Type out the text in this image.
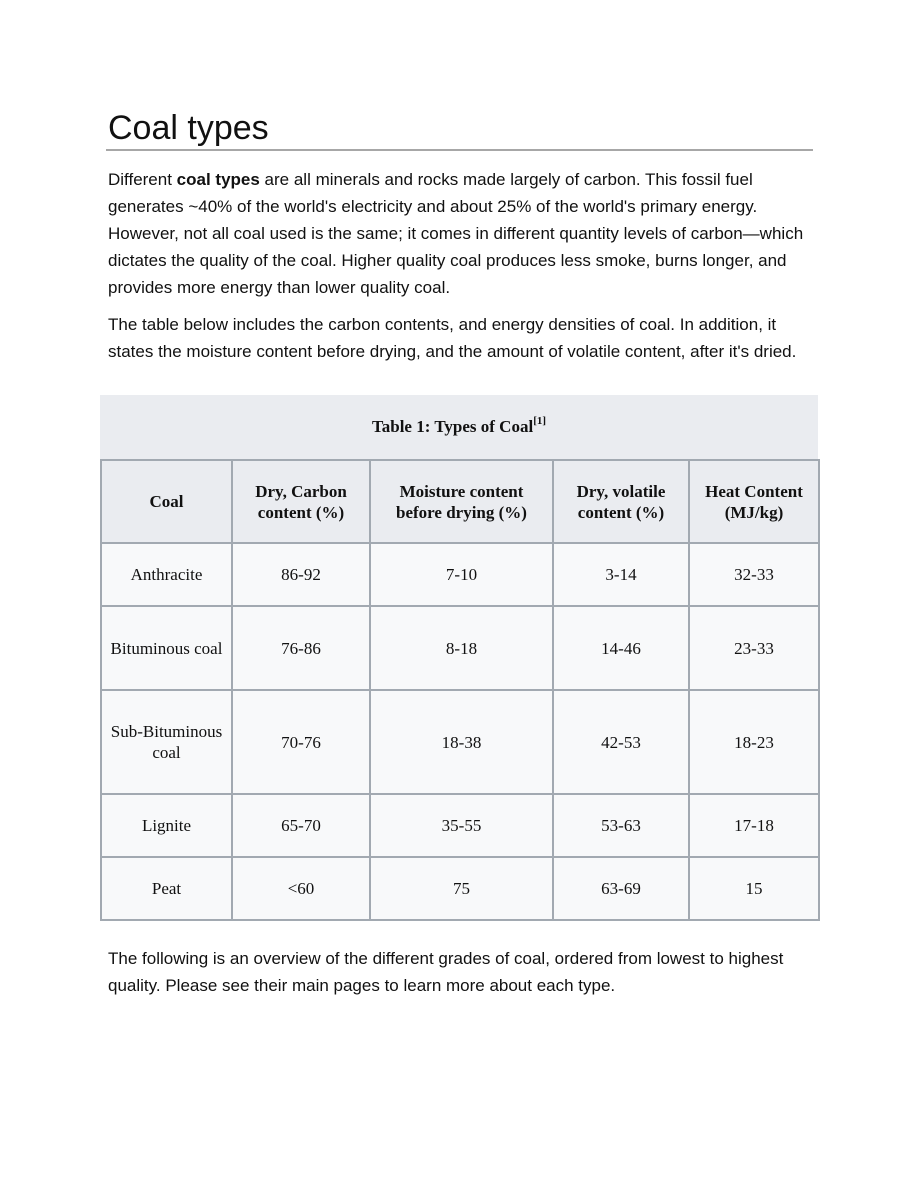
Coal types

Different coal types are all minerals and rocks made largely of carbon. This fossil fuel generates ~40% of the world's electricity and about 25% of the world's primary energy. However, not all coal used is the same; it comes in different quantity levels of carbon—which dictates the quality of the coal. Higher quality coal produces less smoke, burns longer, and provides more energy than lower quality coal.

The table below includes the carbon contents, and energy densities of coal. In addition, it states the moisture content before drying, and the amount of volatile content, after it's dried.

Table 1: Types of Coal[1]
Coal	Dry, Carbon content (%)	Moisture content before drying (%)	Dry, volatile content (%)	Heat Content (MJ/kg)
Anthracite	86-92	7-10	3-14	32-33
Bituminous coal	76-86	8-18	14-46	23-33
Sub-Bituminous coal	70-76	18-38	42-53	18-23
Lignite	65-70	35-55	53-63	17-18
Peat	<60	75	63-69	15

The following is an overview of the different grades of coal, ordered from lowest to highest quality. Please see their main pages to learn more about each type.
